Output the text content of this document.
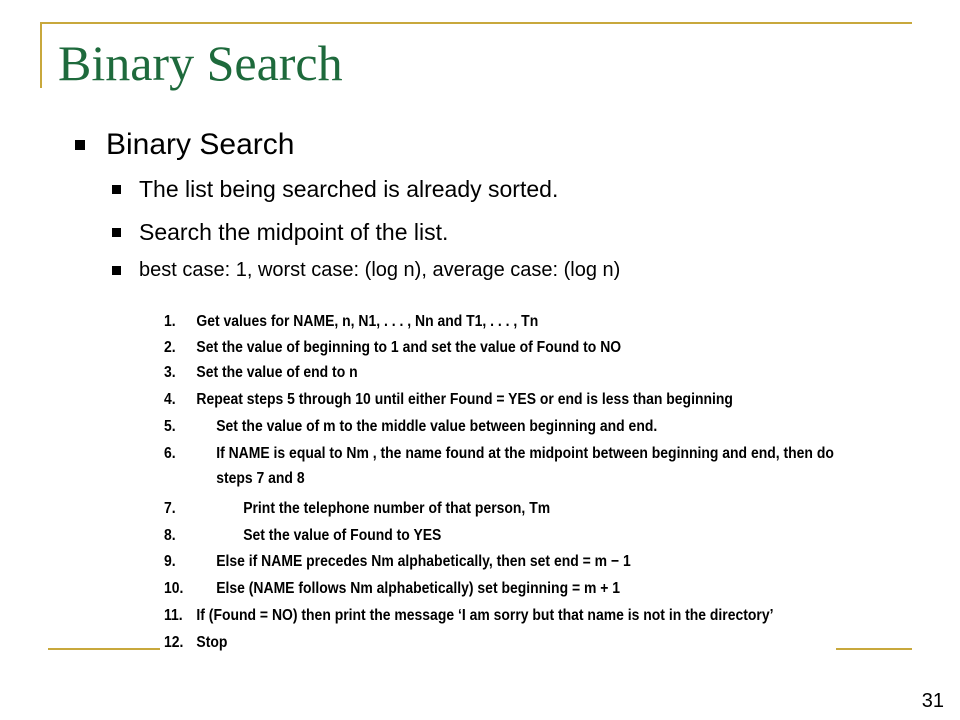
Binary Search
Binary Search
The list being searched is already sorted.
Search the midpoint of the list.
best case: 1, worst case: (log n), average case: (log n)
1. Get values for NAME, n, N1, . . . , Nn and T1, . . . , Tn
2. Set the value of beginning to 1 and set the value of Found to NO
3. Set the value of end to n
4. Repeat steps 5 through 10 until either Found = YES or end is less than beginning
5.	Set the value of m to the middle value between beginning and end.
6.	If NAME is equal to Nm , the name found at the midpoint between beginning and end, then do
steps 7 and 8
7.	Print the telephone number of that person, Tm
8.	Set the value of Found to YES
9.	Else if NAME precedes Nm alphabetically, then set end = m − 1
10. Else (NAME follows Nm alphabetically) set beginning = m + 1
11. If (Found = NO) then print the message ‘I am sorry but that name is not in the directory’
12. Stop
31
